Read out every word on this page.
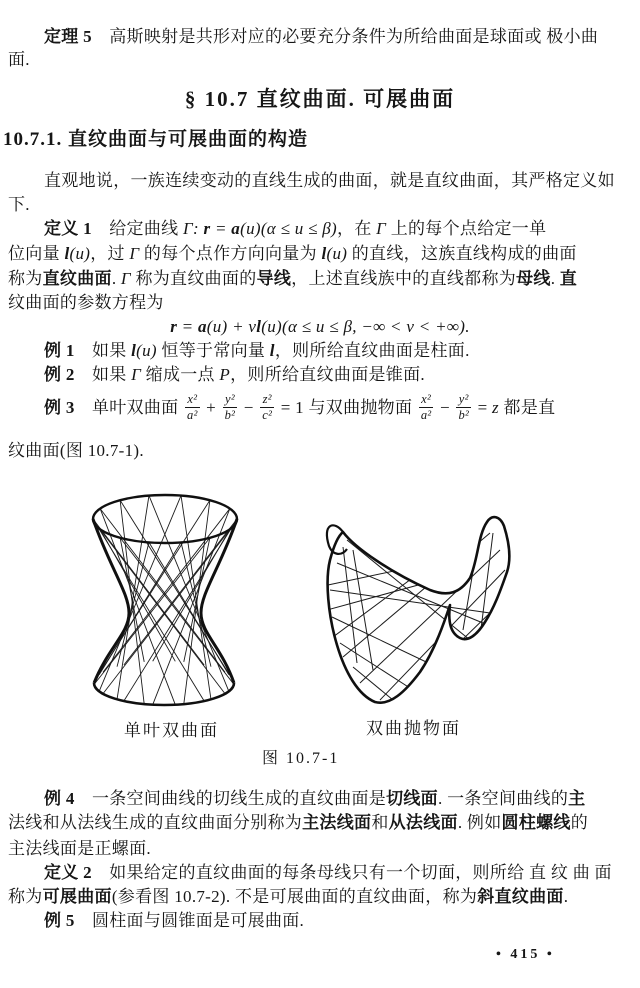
定理 5　高斯映射是共形对应的必要充分条件为所给曲面是球面或 极小曲
面.
§ 10.7 直纹曲面. 可展曲面
10.7.1. 直纹曲面与可展曲面的构造
直观地说，一族连续变动的直线生成的曲面，就是直纹曲面，其严格定义如
下.
定义 1　给定曲线 Γ: r = a(u)(α ≤ u ≤ β)，在 Γ 上的每个点给定一单
位向量 l(u)，过 Γ 的每个点作方向向量为 l(u) 的直线，这族直线构成的曲面
称为直纹曲面. Γ 称为直纹曲面的导线，上述直线族中的直线都称为母线. 直
纹曲面的参数方程为
r = a(u) + vl(u)(α ≤ u ≤ β, −∞ < v < +∞).
例 1　如果 l(u) 恒等于常向量 l，则所给直纹曲面是柱面.
例 2　如果 Γ 缩成一点 P，则所给直纹曲面是锥面.
例 3　单叶双曲面 $\frac{\text{x²}}{\text{a²}} + \frac{\text{y²}}{\text{b²}} - \frac{\text{z²}}{\text{c²}} = 1$ 与双曲抛物面 $\frac{\text{x²}}{\text{a²}} - \frac{\text{y²}}{\text{b²}} = z$ 都是直
纹曲面(图 10.7-1).
单叶双曲面	双曲抛物面
图 10.7-1
例 4　一条空间曲线的切线生成的直纹曲面是切线面. 一条空间曲线的主
法线和从法线生成的直纹曲面分别称为主法线面和从法线面. 例如圆柱螺线的
主法线面是正螺面.
定义 2　如果给定的直纹曲面的每条母线只有一个切面，则所给 直 纹 曲 面
称为可展曲面(参看图 10.7-2). 不是可展曲面的直纹曲面，称为斜直纹曲面.
例 5　圆柱面与圆锥面是可展曲面.
• 415 •
